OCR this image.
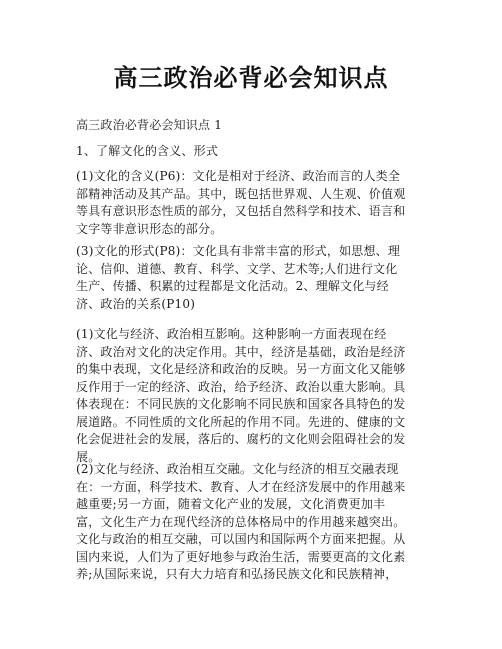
高三政治必背必会知识点

高三政治必背必会知识点 1

1、了解文化的含义、形式

(1)文化的含义(P6)：文化是相对于经济、政治而言的人类全
部精神活动及其产品。其中，既包括世界观、人生观、价值观
等具有意识形态性质的部分，又包括自然科学和技术、语言和
文字等非意识形态的部分。

(3)文化的形式(P8)：文化具有非常丰富的形式，如思想、理
论、信仰、道德、教育、科学、文学、艺术等;人们进行文化
生产、传播、积累的过程都是文化活动。2、理解文化与经
济、政治的关系(P10)

(1)文化与经济、政治相互影响。这种影响一方面表现在经
济、政治对文化的决定作用。其中，经济是基础，政治是经济
的集中表现，文化是经济和政治的反映。另一方面文化又能够
反作用于一定的经济、政治，给予经济、政治以重大影响。具
体表现在：不同民族的文化影响不同民族和国家各具特色的发
展道路。不同性质的文化所起的作用不同。先进的、健康的文
化会促进社会的发展，落后的、腐朽的文化则会阻碍社会的发
展。

(2)文化与经济、政治相互交融。文化与经济的相互交融表现
在：一方面，科学技术、教育、人才在经济发展中的作用越来
越重要;另一方面，随着文化产业的发展，文化消费更加丰
富，文化生产力在现代经济的总体格局中的作用越来越突出。
文化与政治的相互交融，可以国内和国际两个方面来把握。从
国内来说，人们为了更好地参与政治生活，需要更高的文化素
养;从国际来说，只有大力培育和弘扬民族文化和民族精神，
